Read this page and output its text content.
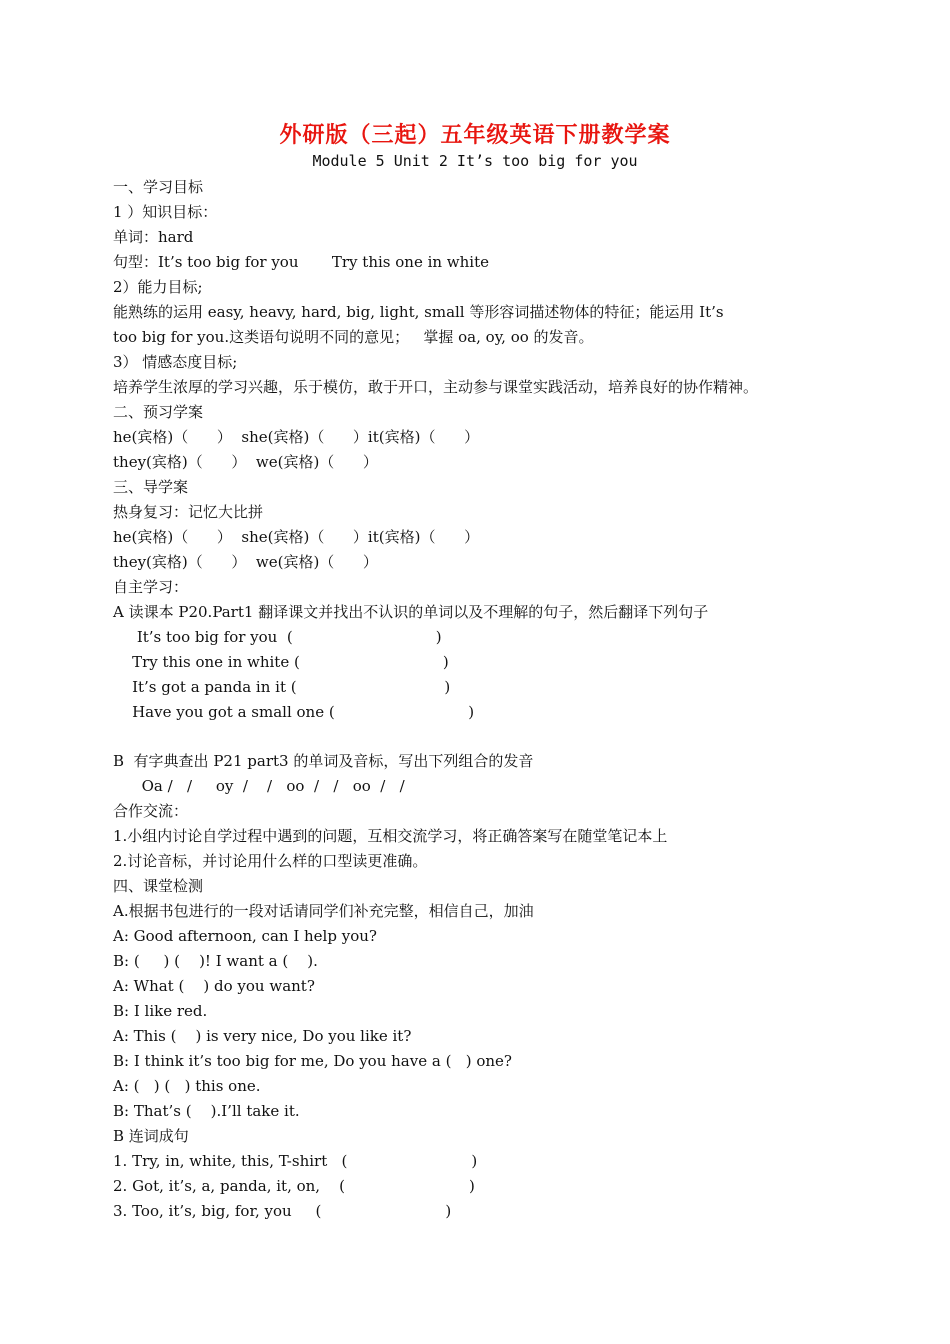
外研版（三起）五年级英语下册教学案
Module 5 Unit 2 It’s too big for you
一、学习目标
1 ）知识目标：
单词：hard
句型：It’s too big for you       Try this one in white
2）能力目标;
能熟练的运用 easy, heavy, hard, big, light, small 等形容词描述物体的特征；能运用 It’s
too big for you.这类语句说明不同的意见；   掌握 oa, oy, oo 的发音。
3） 情感态度目标;
培养学生浓厚的学习兴趣，乐于模仿，敢于开口，主动参与课堂实践活动，培养良好的协作精神。
二、预习学案
he(宾格)（      ）  she(宾格)（      ）it(宾格)（      ）
they(宾格)（      ）  we(宾格)（      ）
三、导学案
热身复习：记忆大比拼
he(宾格)（      ）  she(宾格)（      ）it(宾格)（      ）
they(宾格)（      ）  we(宾格)（      ）
自主学习：
A 读课本 P20.Part1 翻译课文并找出不认识的单词以及不理解的句子，然后翻译下列句子
It’s too big for you  (                              )
Try this one in white (                              )
It’s got a panda in it (                               )
Have you got a small one (                            )
B  有字典查出 P21 part3 的单词及音标，写出下列组合的发音
Oa /   /     oy  /    /   oo  /   /   oo  /   /
合作交流：
1.小组内讨论自学过程中遇到的问题，互相交流学习，将正确答案写在随堂笔记本上
2.讨论音标，并讨论用什么样的口型读更准确。
四、课堂检测
A.根据书包进行的一段对话请同学们补充完整，相信自己，加油
A: Good afternoon, can I help you?
B: (     ) (    )! I want a (    ).
A: What (    ) do you want?
B: I like red.
A: This (    ) is very nice, Do you like it?
B: I think it’s too big for me, Do you have a (   ) one?
A: (   ) (   ) this one.
B: That’s (    ).I’ll take it.
B 连词成句
1. Try, in, white, this, T-shirt   (                          )
2. Got, it’s, a, panda, it, on,    (                          )
3. Too, it’s, big, for, you     (                          )
